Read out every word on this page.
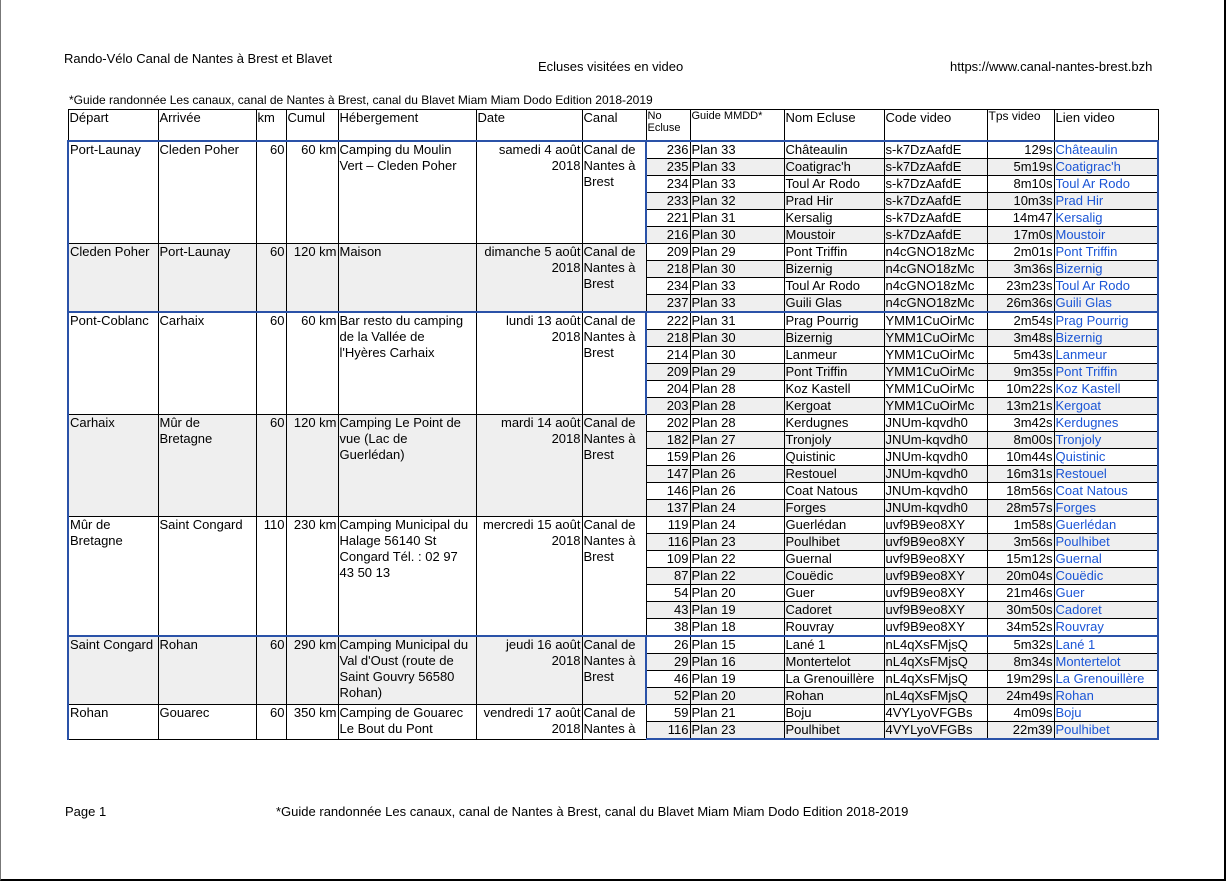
Rando-Vélo Canal de Nantes à Brest et Blavet
Ecluses visitées en video	https://www.canal-nantes-brest.bzh
*Guide randonnée Les canaux, canal de Nantes à Brest, canal du Blavet Miam Miam Dodo Edition 2018-2019
Départ	Arrivée	km	Cumul	Hébergement	Date	Canal	No Ecluse	Guide MMDD*	Nom Ecluse	Code video	Tps video	Lien video
Port-Launay	Cleden Poher	60	60 km	Camping du Moulin Vert – Cleden Poher	samedi 4 août 2018	Canal de Nantes à Brest	236	Plan 33	Châteaulin	s-k7DzAafdE	129s	Châteaulin
							235	Plan 33	Coatigrac'h	s-k7DzAafdE	5m19s	Coatigrac'h
							234	Plan 33	Toul Ar Rodo	s-k7DzAafdE	8m10s	Toul Ar Rodo
							233	Plan 32	Prad Hir	s-k7DzAafdE	10m3s	Prad Hir
							221	Plan 31	Kersalig	s-k7DzAafdE	14m47	Kersalig
							216	Plan 30	Moustoir	s-k7DzAafdE	17m0s	Moustoir
Cleden Poher	Port-Launay	60	120 km	Maison	dimanche 5 août 2018	Canal de Nantes à Brest	209	Plan 29	Pont Triffin	n4cGNO18zMc	2m01s	Pont Triffin
							218	Plan 30	Bizernig	n4cGNO18zMc	3m36s	Bizernig
							234	Plan 33	Toul Ar Rodo	n4cGNO18zMc	23m23s	Toul Ar Rodo
							237	Plan 33	Guili Glas	n4cGNO18zMc	26m36s	Guili Glas
Pont-Coblanc	Carhaix	60	60 km	Bar resto du camping de la Vallée de l'Hyères Carhaix	lundi 13 août 2018	Canal de Nantes à Brest	222	Plan 31	Prag Pourrig	YMM1CuOirMc	2m54s	Prag Pourrig
							218	Plan 30	Bizernig	YMM1CuOirMc	3m48s	Bizernig
							214	Plan 30	Lanmeur	YMM1CuOirMc	5m43s	Lanmeur
							209	Plan 29	Pont Triffin	YMM1CuOirMc	9m35s	Pont Triffin
							204	Plan 28	Koz Kastell	YMM1CuOirMc	10m22s	Koz Kastell
							203	Plan 28	Kergoat	YMM1CuOirMc	13m21s	Kergoat
Carhaix	Mûr de Bretagne	60	120 km	Camping Le Point de vue (Lac de Guerlédan)	mardi 14 août 2018	Canal de Nantes à Brest	202	Plan 28	Kerdugnes	JNUm-kqvdh0	3m42s	Kerdugnes
							182	Plan 27	Tronjoly	JNUm-kqvdh0	8m00s	Tronjoly
							159	Plan 26	Quistinic	JNUm-kqvdh0	10m44s	Quistinic
							147	Plan 26	Restouel	JNUm-kqvdh0	16m31s	Restouel
							146	Plan 26	Coat Natous	JNUm-kqvdh0	18m56s	Coat Natous
							137	Plan 24	Forges	JNUm-kqvdh0	28m57s	Forges
Mûr de Bretagne	Saint Congard	110	230 km	Camping Municipal du Halage 56140 St Congard Tél. : 02 97 43 50 13	mercredi 15 août 2018	Canal de Nantes à Brest	119	Plan 24	Guerlédan	uvf9B9eo8XY	1m58s	Guerlédan
							116	Plan 23	Poulhibet	uvf9B9eo8XY	3m56s	Poulhibet
							109	Plan 22	Guernal	uvf9B9eo8XY	15m12s	Guernal
							87	Plan 22	Couëdic	uvf9B9eo8XY	20m04s	Couëdic
							54	Plan 20	Guer	uvf9B9eo8XY	21m46s	Guer
							43	Plan 19	Cadoret	uvf9B9eo8XY	30m50s	Cadoret
							38	Plan 18	Rouvray	uvf9B9eo8XY	34m52s	Rouvray
Saint Congard	Rohan	60	290 km	Camping Municipal du Val d'Oust (route de Saint Gouvry 56580 Rohan)	jeudi 16 août 2018	Canal de Nantes à Brest	26	Plan 15	Lané 1	nL4qXsFMjsQ	5m32s	Lané 1
							29	Plan 16	Montertelot	nL4qXsFMjsQ	8m34s	Montertelot
							46	Plan 19	La Grenouillère	nL4qXsFMjsQ	19m29s	La Grenouillère
							52	Plan 20	Rohan	nL4qXsFMjsQ	24m49s	Rohan
Rohan	Gouarec	60	350 km	Camping de Gouarec Le Bout du Pont	vendredi 17 août 2018	Canal de Nantes à	59	Plan 21	Boju	4VYLyoVFGBs	4m09s	Boju
							116	Plan 23	Poulhibet	4VYLyoVFGBs	22m39	Poulhibet
Page 1	*Guide randonnée Les canaux, canal de Nantes à Brest, canal du Blavet Miam Miam Dodo Edition 2018-2019
